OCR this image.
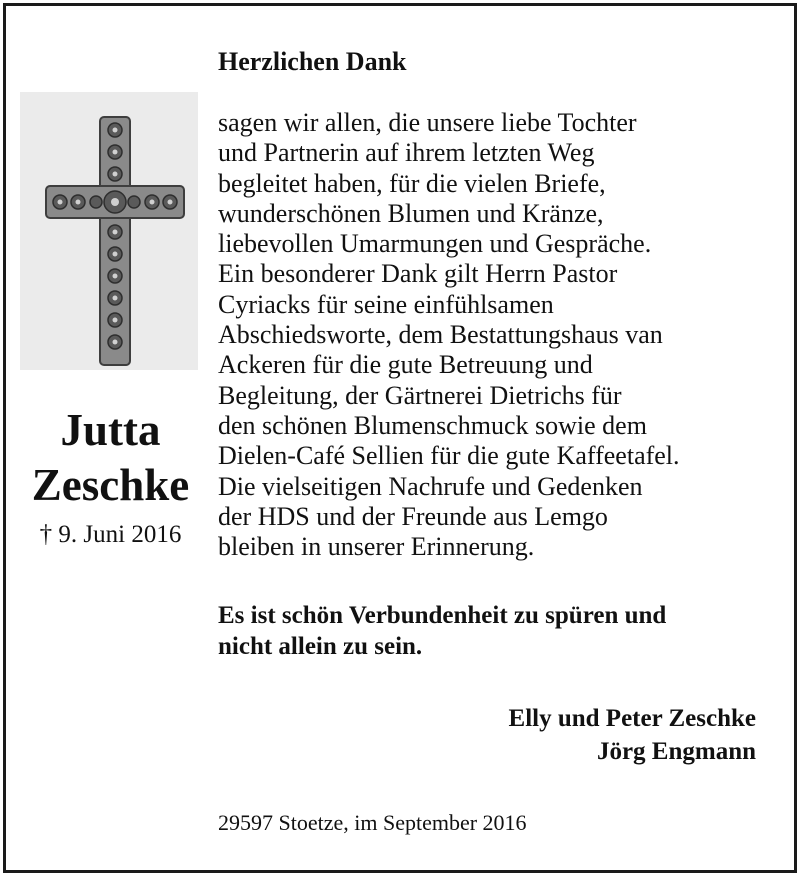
Jutta
Zeschke
† 9. Juni 2016
Herzlichen Dank
sagen wir allen, die unsere liebe Tochter
und Partnerin auf ihrem letzten Weg
begleitet haben, für die vielen Briefe,
wunderschönen Blumen und Kränze,
liebevollen Umarmungen und Gespräche.
Ein besonderer Dank gilt Herrn Pastor
Cyriacks für seine einfühlsamen
Abschiedsworte, dem Bestattungshaus van
Ackeren für die gute Betreuung und
Begleitung, der Gärtnerei Dietrichs für
den schönen Blumenschmuck sowie dem
Dielen-Café Sellien für die gute Kaffeetafel.
Die vielseitigen Nachrufe und Gedenken
der HDS und der Freunde aus Lemgo
bleiben in unserer Erinnerung.
Es ist schön Verbundenheit zu spüren und
nicht allein zu sein.
Elly und Peter Zeschke
Jörg Engmann
29597 Stoetze, im September 2016
